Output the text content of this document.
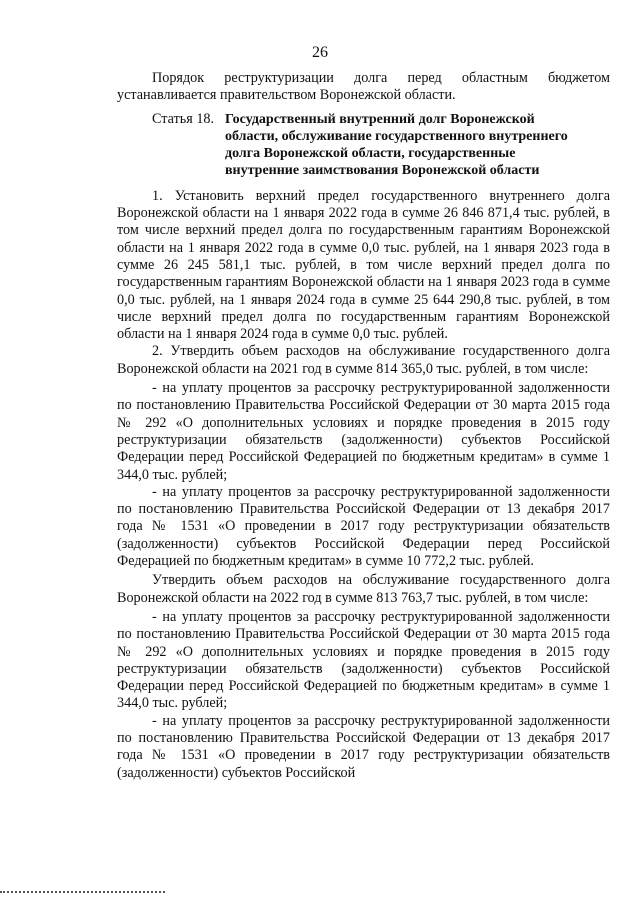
26

Порядок реструктуризации долга перед областным бюджетом устанавливается правительством Воронежской области.

Статья 18. Государственный внутренний долг Воронежской области, обслуживание государственного внутреннего долга Воронежской области, государственные внутренние заимствования Воронежской области

1. Установить верхний предел государственного внутреннего долга Воронежской области на 1 января 2022 года в сумме 26 846 871,4 тыс. рублей, в том числе верхний предел долга по государственным гарантиям Воронежской области на 1 января 2022 года в сумме 0,0 тыс. рублей, на 1 января 2023 года в сумме 26 245 581,1 тыс. рублей, в том числе верхний предел долга по государственным гарантиям Воронежской области на 1 января 2023 года в сумме 0,0 тыс. рублей, на 1 января 2024 года в сумме 25 644 290,8 тыс. рублей, в том числе верхний предел долга по государственным гарантиям Воронежской области на 1 января 2024 года в сумме 0,0 тыс. рублей.

2. Утвердить объем расходов на обслуживание государственного долга Воронежской области на 2021 год в сумме 814 365,0 тыс. рублей, в том числе:

- на уплату процентов за рассрочку реструктурированной задолженности по постановлению Правительства Российской Федерации от 30 марта 2015 года № 292 «О дополнительных условиях и порядке проведения в 2015 году реструктуризации обязательств (задолженности) субъектов Российской Федерации перед Российской Федерацией по бюджетным кредитам» в сумме 1 344,0 тыс. рублей;

- на уплату процентов за рассрочку реструктурированной задолженности по постановлению Правительства Российской Федерации от 13 декабря 2017 года № 1531 «О проведении в 2017 году реструктуризации обязательств (задолженности) субъектов Российской Федерации перед Российской Федерацией по бюджетным кредитам» в сумме 10 772,2 тыс. рублей.

Утвердить объем расходов на обслуживание государственного долга Воронежской области на 2022 год в сумме 813 763,7 тыс. рублей, в том числе:

- на уплату процентов за рассрочку реструктурированной задолженности по постановлению Правительства Российской Федерации от 30 марта 2015 года № 292 «О дополнительных условиях и порядке проведения в 2015 году реструктуризации обязательств (задолженности) субъектов Российской Федерации перед Российской Федерацией по бюджетным кредитам» в сумме 1 344,0 тыс. рублей;

- на уплату процентов за рассрочку реструктурированной задолженности по постановлению Правительства Российской Федерации от 13 декабря 2017 года № 1531 «О проведении в 2017 году реструктуризации обязательств (задолженности) субъектов Российской
